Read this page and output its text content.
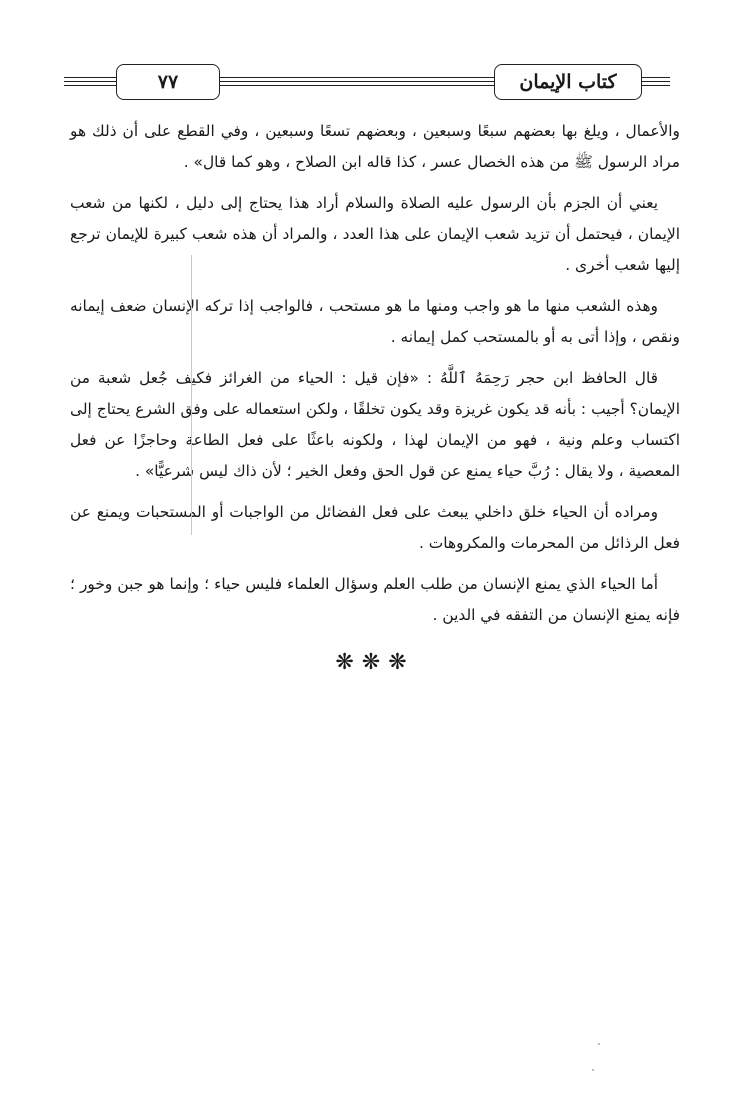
٧٧	كتاب الإيمان

والأعمال ، ويلغ بها بعضهم سبعًا وسبعين ، وبعضهم تسعًا وسبعين ، وفي القطع على أن ذلك هو مراد الرسول ﷺ من هذه الخصال عسر ، كذا قاله ابن الصلاح ، وهو كما قال» .

يعني أن الجزم بأن الرسول عليه الصلاة والسلام أراد هذا يحتاج إلى دليل ، لكنها من شعب الإيمان ، فيحتمل أن تزيد شعب الإيمان على هذا العدد ، والمراد أن هذه شعب كبيرة للإيمان ترجع إليها شعب أخرى .

وهذه الشعب منها ما هو واجب ومنها ما هو مستحب ، فالواجب إذا تركه الإنسان ضعف إيمانه ونقص ، وإذا أتى به أو بالمستحب كمل إيمانه .

قال الحافظ ابن حجر رَحِمَهُ ٱللَّهُ : «فإن قيل : الحياء من الغرائز فكيف جُعل شعبة من الإيمان؟ أجيب : بأنه قد يكون غريزة وقد يكون تخلقًا ، ولكن استعماله على وفق الشرع يحتاج إلى اكتساب وعلم ونية ، فهو من الإيمان لهذا ، ولكونه باعثًا على فعل الطاعة وحاجزًا عن فعل المعصية ، ولا يقال : رُبَّ حياء يمنع عن قول الحق وفعل الخير ؛ لأن ذاك ليس شرعيًّا» .

ومراده أن الحياء خلق داخلي يبعث على فعل الفضائل من الواجبات أو المستحبات ويمنع عن فعل الرذائل من المحرمات والمكروهات .

أما الحياء الذي يمنع الإنسان من طلب العلم وسؤال العلماء فليس حياء ؛ وإنما هو جبن وخور ؛ فإنه يمنع الإنسان من التفقه في الدين .

❋❋❋
